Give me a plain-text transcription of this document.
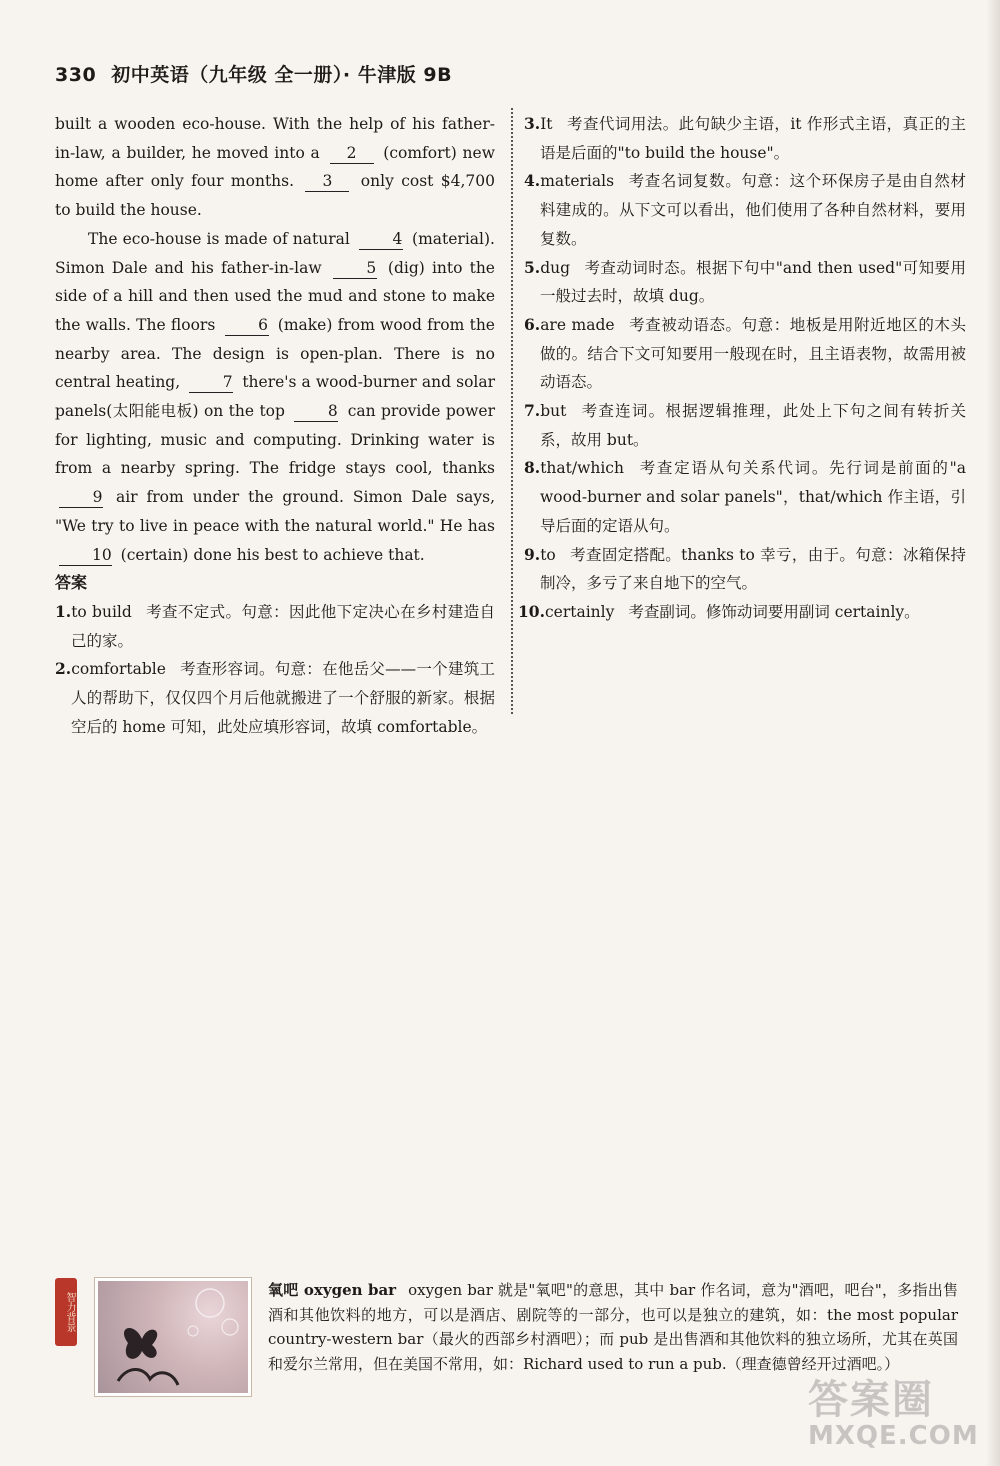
330 初中英语（九年级 全一册）· 牛津版 9B

built a wooden eco-house. With the help of his father-in-law, a builder, he moved into a 2 (comfort) new home after only four months. 3 only cost $4,700 to build the house.

The eco-house is made of natural	4 (material). Simon Dale and his father-in-law	5 (dig) into the side of a hill and then used the mud and stone to make the walls. The floors	6 (make) from wood from the nearby area. The design is open-plan. There is no central heating,	7 there's a wood-burner and solar panels(太阳能电板) on the top	8 can provide power for lighting, music and computing. Drinking water is from a nearby spring. The fridge stays cool, thanks 9 air from under the ground. Simon Dale says, "We try to live in peace with the natural world." He has 10 (certain) done his best to achieve that.

答案

1.to build 考查不定式。句意：因此他下定决心在乡村建造自己的家。

2.comfortable 考查形容词。句意：在他岳父——一个建筑工人的帮助下，仅仅四个月后他就搬进了一个舒服的新家。根据空后的 home 可知，此处应填形容词，故填 comfortable。

3.It 考查代词用法。此句缺少主语，it 作形式主语，真正的主语是后面的"to build the house"。

4.materials 考查名词复数。句意：这个环保房子是由自然材料建成的。从下文可以看出，他们使用了各种自然材料，要用复数。

5.dug 考查动词时态。根据下句中"and then used"可知要用一般过去时，故填 dug。

6.are made 考查被动语态。句意：地板是用附近地区的木头做的。结合下文可知要用一般现在时，且主语表物，故需用被动语态。

7.but 考查连词。根据逻辑推理，此处上下句之间有转折关系，故用 but。

8.that/which 考查定语从句关系代词。先行词是前面的"a wood-burner and solar panels"，that/which 作主语，引导后面的定语从句。

9.to 考查固定搭配。thanks to 幸亏，由于。句意：冰箱保持制冷，多亏了来自地下的空气。

10.certainly 考查副词。修饰动词要用副词 certainly。

智力背景
氧吧 oxygen bar oxygen bar 就是"氧吧"的意思，其中 bar 作名词，意为"酒吧，吧台"，多指出售酒和其他饮料的地方，可以是酒店、剧院等的一部分，也可以是独立的建筑，如：the most popular country-western bar（最火的西部乡村酒吧）；而 pub 是出售酒和其他饮料的独立场所，尤其在英国和爱尔兰常用，但在美国不常用，如：Richard used to run a pub.（理查德曾经开过酒吧。）
答案圈
MXQE.COM
